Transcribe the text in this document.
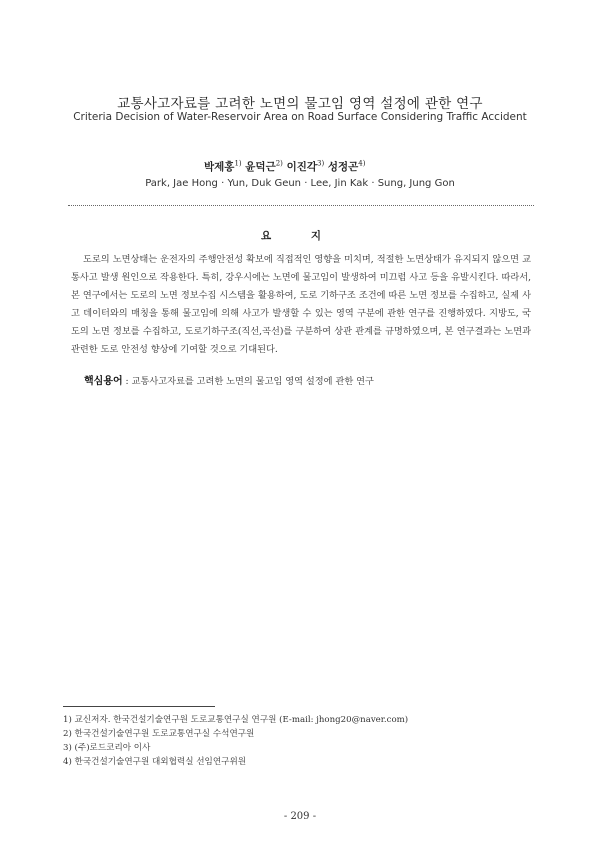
교통사고자료를 고려한 노면의 물고임 영역 설정에 관한 연구
Criteria Decision of Water-Reservoir Area on Road Surface Considering Traffic Accident
박제홍$^{1)}$ 윤덕근$^{2)}$ 이진각$^{3)}$ 성정곤$^{4)}$
Park, Jae Hong · Yun, Duk Geun · Lee, Jin Kak · Sung, Jung Gon
요 지
도로의 노면상태는 운전자의 주행안전성 확보에 직접적인 영향을 미치며, 적절한 노면상태가 유지되지 않으면 교통사고 발생 원인으로 작용한다. 특히, 강우시에는 노면에 물고임이 발생하여 미끄럼 사고 등을 유발시킨다. 따라서, 본 연구에서는 도로의 노면 정보수집 시스템을 활용하여, 도로 기하구조 조건에 따른 노면 정보를 수집하고, 실제 사고 데이터와의 매칭을 통해 물고임에 의해 사고가 발생할 수 있는 영역 구분에 관한 연구를 진행하였다. 지방도, 국도의 노면 정보를 수집하고, 도로기하구조(직선,곡선)를 구분하여 상관 관계를 규명하였으며, 본 연구결과는 노면과 관련한 도로 안전성 향상에 기여할 것으로 기대된다.
핵심용어 : 교통사고자료를 고려한 노면의 물고임 영역 설정에 관한 연구
1) 교신저자. 한국건설기술연구원 도로교통연구실 연구원 (E-mail: jhong20@naver.com)
2) 한국건설기술연구원 도로교통연구실 수석연구원
3) (주)로드코리아 이사
4) 한국건설기술연구원 대외협력실 선임연구위원
- 209 -
